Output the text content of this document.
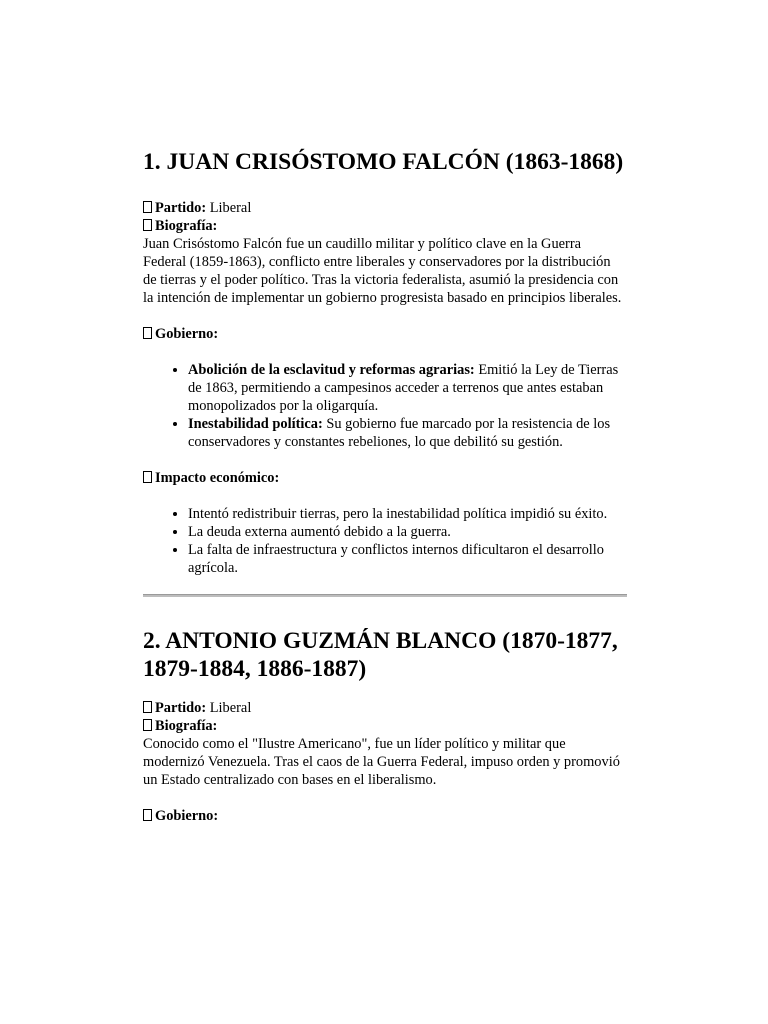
1. JUAN CRISÓSTOMO FALCÓN (1863-1868)

Partido: Liberal

Biografía:

Juan Crisóstomo Falcón fue un caudillo militar y político clave en la Guerra Federal (1859-1863), conflicto entre liberales y conservadores por la distribución de tierras y el poder político. Tras la victoria federalista, asumió la presidencia con la intención de implementar un gobierno progresista basado en principios liberales.

Gobierno:

• Abolición de la esclavitud y reformas agrarias: Emitió la Ley de Tierras de 1863, permitiendo a campesinos acceder a terrenos que antes estaban monopolizados por la oligarquía.
• Inestabilidad política: Su gobierno fue marcado por la resistencia de los conservadores y constantes rebeliones, lo que debilitó su gestión.

Impacto económico:

• Intentó redistribuir tierras, pero la inestabilidad política impidió su éxito.
• La deuda externa aumentó debido a la guerra.
• La falta de infraestructura y conflictos internos dificultaron el desarrollo agrícola.
2. ANTONIO GUZMÁN BLANCO (1870-1877, 1879-1884, 1886-1887)

Partido: Liberal

Biografía:

Conocido como el "Ilustre Americano", fue un líder político y militar que modernizó Venezuela. Tras el caos de la Guerra Federal, impuso orden y promovió un Estado centralizado con bases en el liberalismo.

Gobierno:
